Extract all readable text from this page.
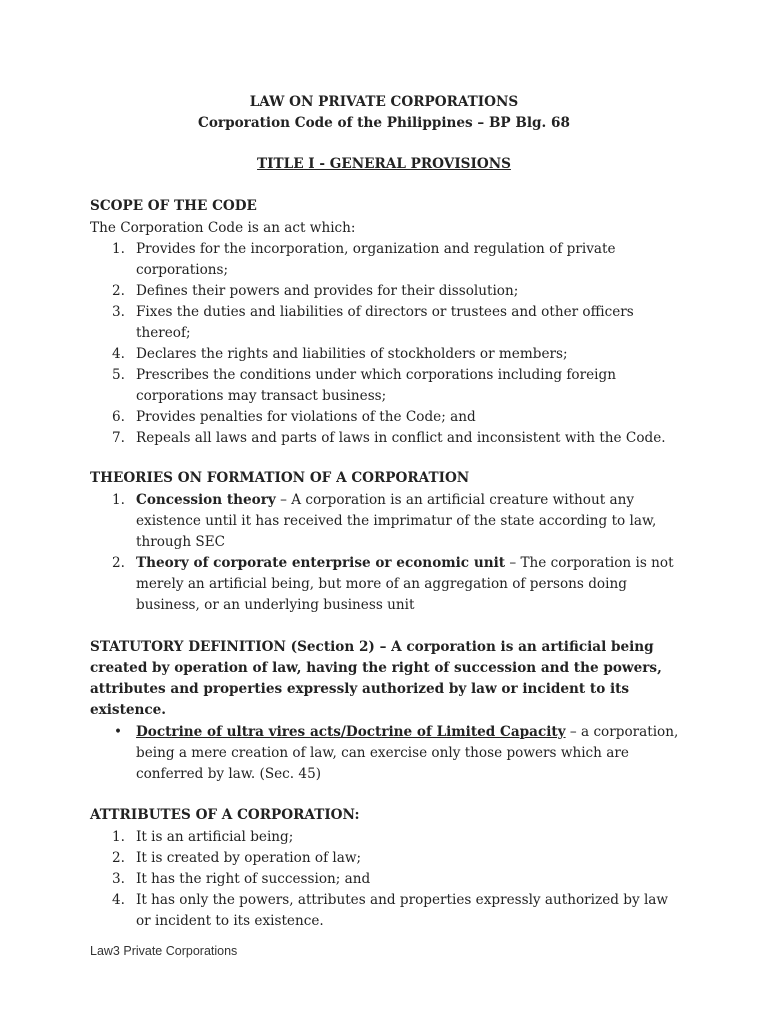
LAW ON PRIVATE CORPORATIONS
Corporation Code of the Philippines – BP Blg. 68
TITLE I - GENERAL PROVISIONS
SCOPE OF THE CODE
The Corporation Code is an act which:
1. Provides for the incorporation, organization and regulation of private corporations;
2. Defines their powers and provides for their dissolution;
3. Fixes the duties and liabilities of directors or trustees and other officers thereof;
4. Declares the rights and liabilities of stockholders or members;
5. Prescribes the conditions under which corporations including foreign corporations may transact business;
6. Provides penalties for violations of the Code; and
7. Repeals all laws and parts of laws in conflict and inconsistent with the Code.
THEORIES ON FORMATION OF A CORPORATION
1. Concession theory – A corporation is an artificial creature without any existence until it has received the imprimatur of the state according to law, through SEC
2. Theory of corporate enterprise or economic unit – The corporation is not merely an artificial being, but more of an aggregation of persons doing business, or an underlying business unit
STATUTORY DEFINITION (Section 2) – A corporation is an artificial being created by operation of law, having the right of succession and the powers, attributes and properties expressly authorized by law or incident to its existence.
• Doctrine of ultra vires acts/Doctrine of Limited Capacity – a corporation, being a mere creation of law, can exercise only those powers which are conferred by law. (Sec. 45)
ATTRIBUTES OF A CORPORATION:
1. It is an artificial being;
2. It is created by operation of law;
3. It has the right of succession; and
4. It has only the powers, attributes and properties expressly authorized by law or incident to its existence.
Law3 Private Corporations
